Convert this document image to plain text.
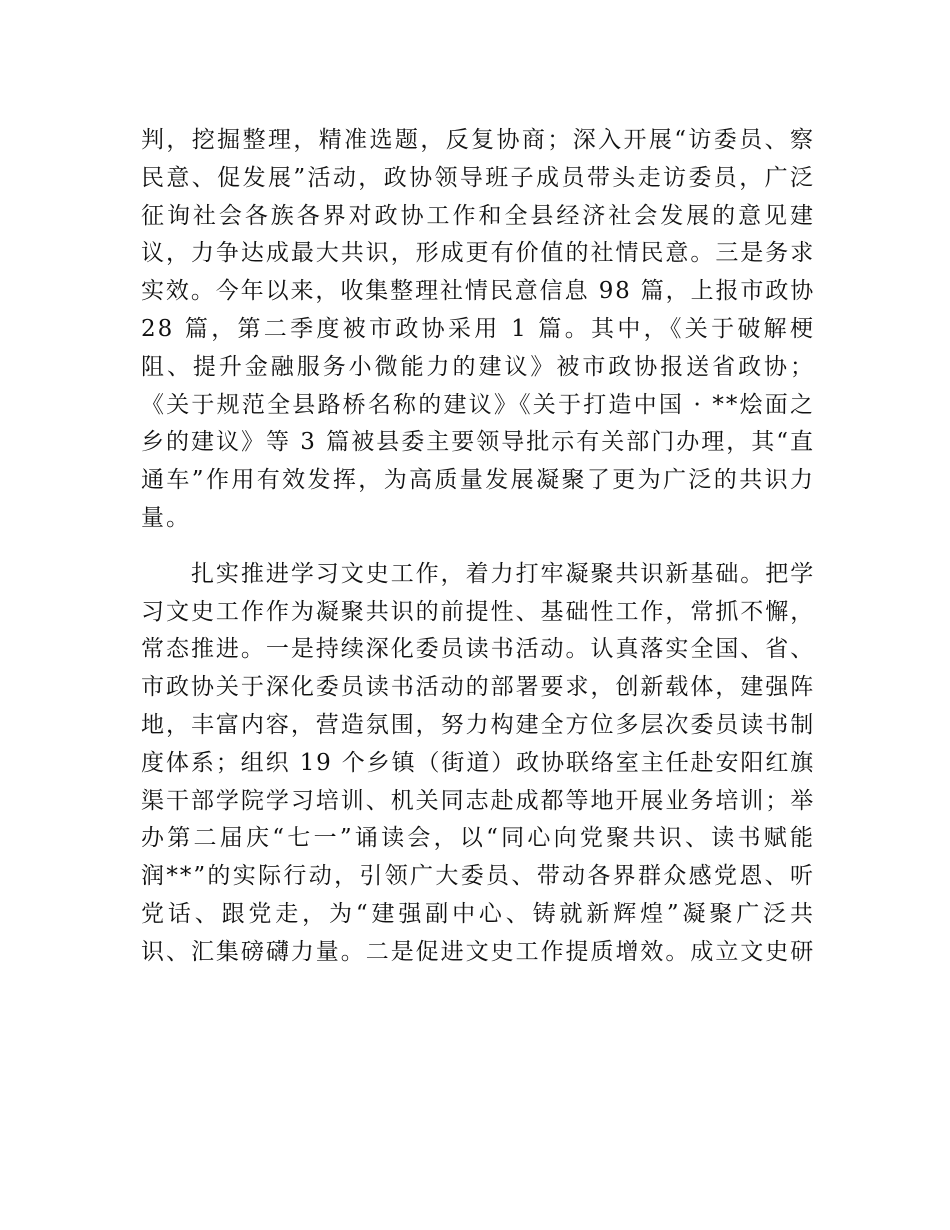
判，挖掘整理，精准选题，反复协商；深入开展“访委员、察
民意、促发展”活动，政协领导班子成员带头走访委员，广泛
征询社会各族各界对政协工作和全县经济社会发展的意见建
议，力争达成最大共识，形成更有价值的社情民意。三是务求
实效。今年以来，收集整理社情民意信息 98 篇，上报市政协
28 篇，第二季度被市政协采用 1 篇。其中，《关于破解梗
阻、提升金融服务小微能力的建议》被市政协报送省政协；
《关于规范全县路桥名称的建议》《关于打造中国 · **烩面之
乡的建议》等 3 篇被县委主要领导批示有关部门办理，其“直
通车”作用有效发挥，为高质量发展凝聚了更为广泛的共识力
量。
　　扎实推进学习文史工作，着力打牢凝聚共识新基础。把学
习文史工作作为凝聚共识的前提性、基础性工作，常抓不懈，
常态推进。一是持续深化委员读书活动。认真落实全国、省、
市政协关于深化委员读书活动的部署要求，创新载体，建强阵
地，丰富内容，营造氛围，努力构建全方位多层次委员读书制
度体系；组织 19 个乡镇（街道）政协联络室主任赴安阳红旗
渠干部学院学习培训、机关同志赴成都等地开展业务培训；举
办第二届庆“七一”诵读会，以“同心向党聚共识、读书赋能
润**”的实际行动，引领广大委员、带动各界群众感党恩、听
党话、跟党走，为“建强副中心、铸就新辉煌”凝聚广泛共
识、汇集磅礴力量。二是促进文史工作提质增效。成立文史研
